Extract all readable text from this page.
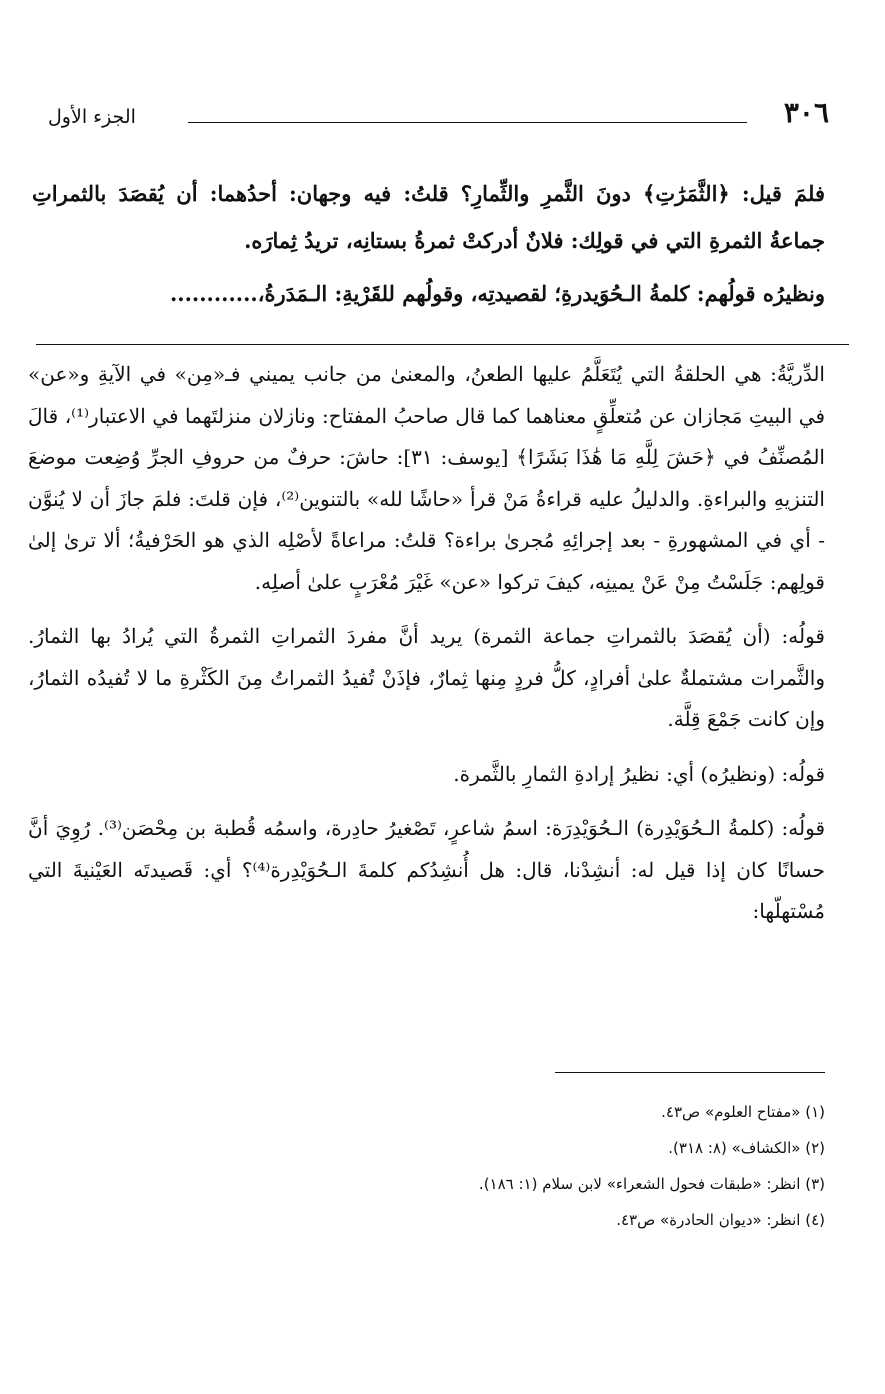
٣٠٦
الجزء الأول

فلمَ قيل: ﴿الثَّمَرَٰتِ﴾ دونَ الثَّمرِ والثِّمارِ؟ قلتُ: فيه وجهان: أحدُهما: أن يُقصَدَ بالثمراتِ جماعةُ الثمرةِ التي في قولِك: فلانٌ أدركتْ ثمرةُ بستانِه، تريدُ ثِمارَه.

ونظيرُه قولُهم: كلمةُ الـحُوَيدرةِ؛ لقصيدتِه، وقولُهم للقَرْيةِ: الـمَدَرةُ،............

الدِّريَّةُ: هي الحلقةُ التي يُتَعَلَّمُ عليها الطعنُ، والمعنىٰ من جانب يميني فـ«مِن» في الآيةِ و«عن» في البيتِ مَجازان عن مُتعلِّقٍ معناهما كما قال صاحبُ المفتاح: ونازلان منزلتَهما في الاعتبار⁽¹⁾، قالَ المُصنِّفُ في ﴿حَشَ لِلَّهِ مَا هَٰذَا بَشَرًا﴾ [يوسف: ٣١]: حاشَ: حرفٌ من حروفِ الجرِّ وُضِعت موضعَ التنزيهِ والبراءةِ. والدليلُ عليه قراءةُ مَنْ قرأ «حاشًا لله» بالتنوين⁽²⁾، فإن قلتَ: فلمَ جازَ أن لا يُنوَّن - أي في المشهورةِ - بعد إجرائِهِ مُجرىٰ براءة؟ قلتُ: مراعاةً لأصْلِه الذي هو الحَرْفيةُ؛ ألا ترىٰ إلىٰ قولِهم: جَلَسْتُ مِنْ عَنْ يمينِه، كيفَ تركوا «عن» غَيْرَ مُعْرَبٍ علىٰ أصلِه.

قولُه: (أن يُقصَدَ بالثمراتِ جماعة الثمرة) يريد أنَّ مفردَ الثمراتِ الثمرةُ التي يُرادُ بها الثمارُ. والثَّمرات مشتملةٌ علىٰ أفرادٍ، كلُّ فردٍ مِنها ثِمارٌ، فإذَنْ تُفيدُ الثمراتُ مِنَ الكَثْرةِ ما لا تُفيدُه الثمارُ، وإن كانت جَمْعَ قِلَّة.

قولُه: (ونظيرُه) أي: نظيرُ إرادةِ الثمارِ بالثَّمرة.

قولُه: (كلمةُ الـحُوَيْدِرة) الـحُوَيْدِرَة: اسمُ شاعرٍ، تَصْغيرُ حادِرة، واسمُه قُطبة بن مِحْصَن⁽³⁾. رُوِيَ أنَّ حسانًا كان إذا قيل له: أنشِدْنا، قال: هل أُنشِدُكم كلمةَ الـحُوَيْدِرة⁽⁴⁾؟ أي: قَصيدتَه العَيْنيةَ التي مُسْتهلّها:

(١) «مفتاح العلوم» ص٤٣.
(٢) «الكشاف» (٨: ٣١٨).
(٣) انظر: «طبقات فحول الشعراء» لابن سلام (١: ١٨٦).
(٤) انظر: «ديوان الحادرة» ص٤٣.
